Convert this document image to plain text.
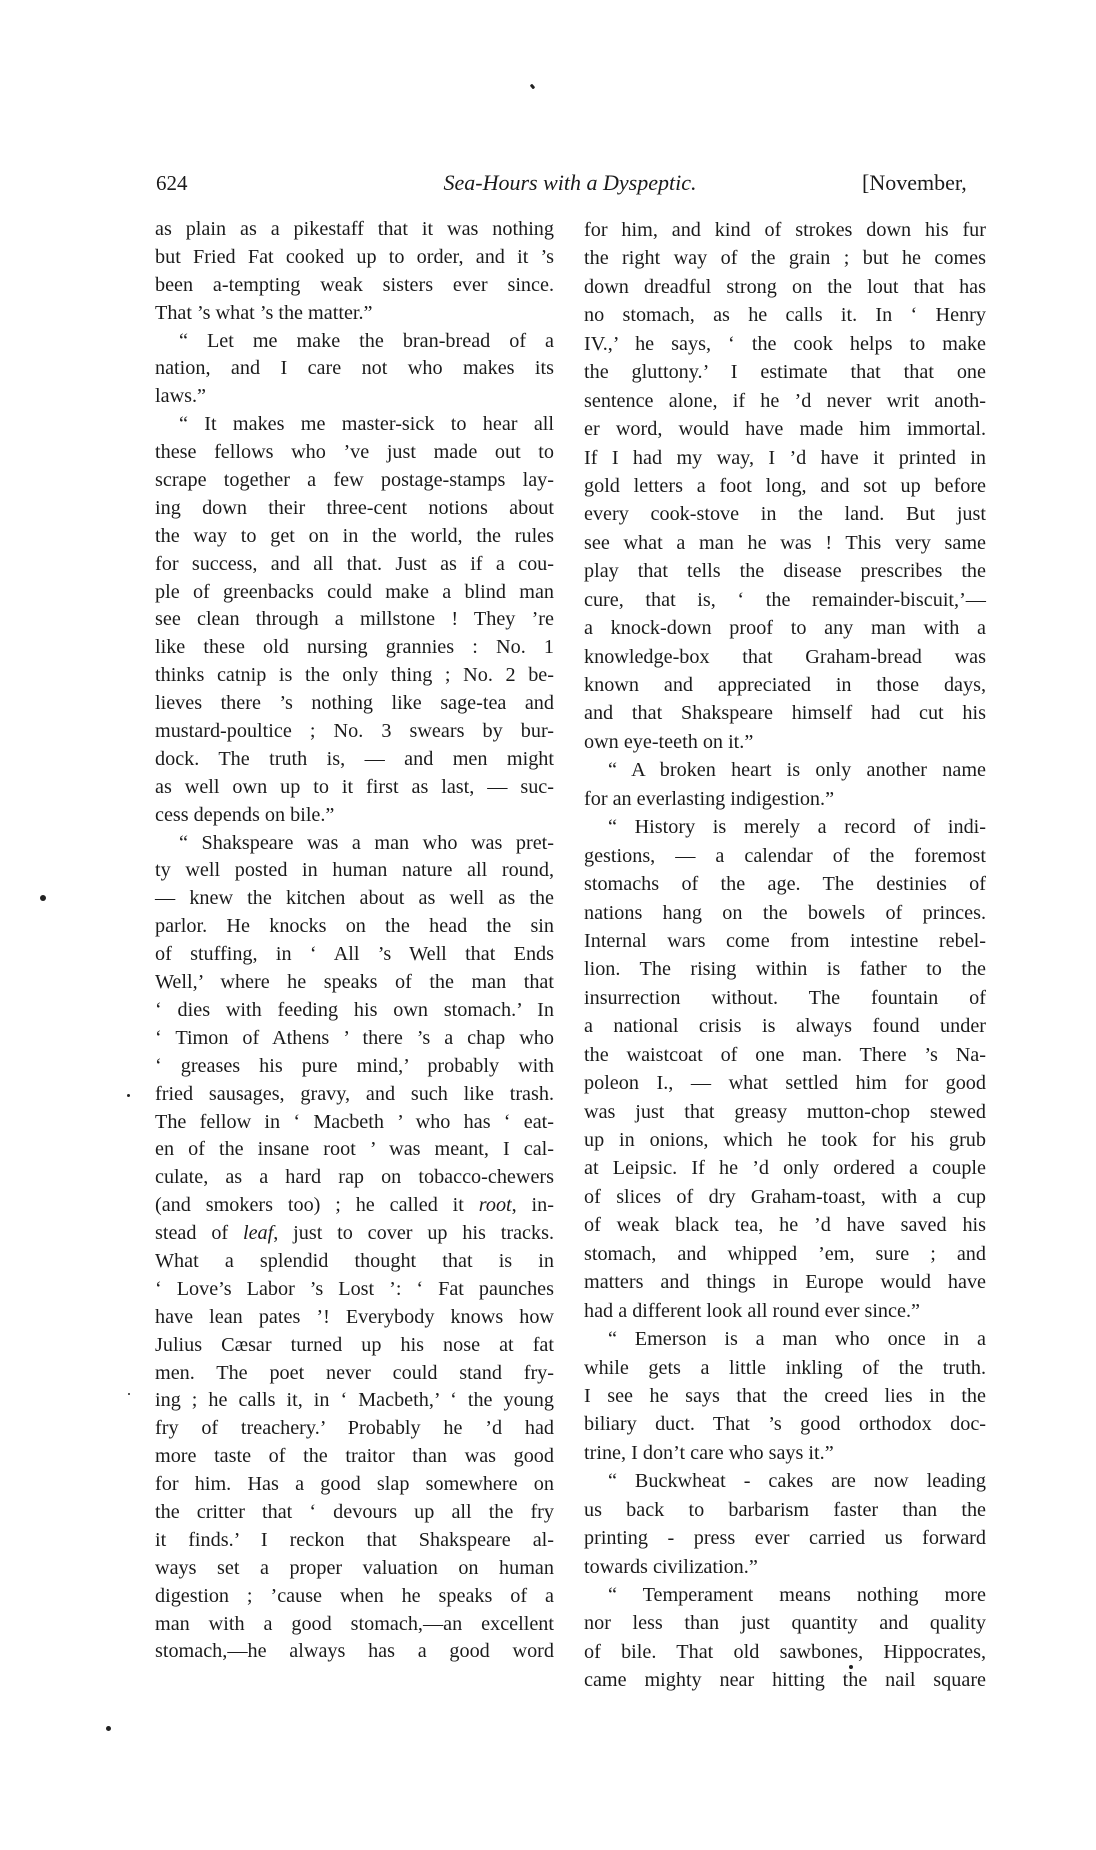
624	Sea-Hours with a Dyspeptic.	[November,
as plain as a pikestaff that it was nothing
but Fried Fat cooked up to order, and it ’s
been a-tempting weak sisters ever since.
That ’s what ’s the matter.”
“ Let me make the bran-bread of a
nation, and I care not who makes its
laws.”
“ It makes me master-sick to hear all
these fellows who ’ve just made out to
scrape together a few postage-stamps lay-
ing down their three-cent notions about
the way to get on in the world, the rules
for success, and all that. Just as if a cou-
ple of greenbacks could make a blind man
see clean through a millstone ! They ’re
like these old nursing grannies : No. 1
thinks catnip is the only thing ; No. 2 be-
lieves there ’s nothing like sage-tea and
mustard-poultice ; No. 3 swears by bur-
dock. The truth is, — and men might
as well own up to it first as last, — suc-
cess depends on bile.”
“ Shakspeare was a man who was pret-
ty well posted in human nature all round,
— knew the kitchen about as well as the
parlor. He knocks on the head the sin
of stuffing, in ‘ All ’s Well that Ends
Well,’ where he speaks of the man that
‘ dies with feeding his own stomach.’ In
‘ Timon of Athens ’ there ’s a chap who
‘ greases his pure mind,’ probably with
fried sausages, gravy, and such like trash.
The fellow in ‘ Macbeth ’ who has ‘ eat-
en of the insane root ’ was meant, I cal-
culate, as a hard rap on tobacco-chewers
(and smokers too) ; he called it root, in-
stead of leaf, just to cover up his tracks.
What a splendid thought that is in
‘ Love’s Labor ’s Lost ’: ‘ Fat paunches
have lean pates ’! Everybody knows how
Julius Cæsar turned up his nose at fat
men. The poet never could stand fry-
ing ; he calls it, in ‘ Macbeth,’ ‘ the young
fry of treachery.’ Probably he ’d had
more taste of the traitor than was good
for him. Has a good slap somewhere on
the critter that ‘ devours up all the fry
it finds.’ I reckon that Shakspeare al-
ways set a proper valuation on human
digestion ; ’cause when he speaks of a
man with a good stomach,—an excellent
stomach,—he always has a good word
for him, and kind of strokes down his fur
the right way of the grain ; but he comes
down dreadful strong on the lout that has
no stomach, as he calls it. In ‘ Henry
IV.,’ he says, ‘ the cook helps to make
the gluttony.’ I estimate that that one
sentence alone, if he ’d never writ anoth-
er word, would have made him immortal.
If I had my way, I ’d have it printed in
gold letters a foot long, and sot up before
every cook-stove in the land. But just
see what a man he was ! This very same
play that tells the disease prescribes the
cure, that is, ‘ the remainder-biscuit,’—
a knock-down proof to any man with a
knowledge-box that Graham-bread was
known and appreciated in those days,
and that Shakspeare himself had cut his
own eye-teeth on it.”
“ A broken heart is only another name
for an everlasting indigestion.”
“ History is merely a record of indi-
gestions, — a calendar of the foremost
stomachs of the age. The destinies of
nations hang on the bowels of princes.
Internal wars come from intestine rebel-
lion. The rising within is father to the
insurrection without. The fountain of
a national crisis is always found under
the waistcoat of one man. There ’s Na-
poleon I., — what settled him for good
was just that greasy mutton-chop stewed
up in onions, which he took for his grub
at Leipsic. If he ’d only ordered a couple
of slices of dry Graham-toast, with a cup
of weak black tea, he ’d have saved his
stomach, and whipped ’em, sure ; and
matters and things in Europe would have
had a different look all round ever since.”
“ Emerson is a man who once in a
while gets a little inkling of the truth.
I see he says that the creed lies in the
biliary duct. That ’s good orthodox doc-
trine, I don’t care who says it.”
“ Buckwheat - cakes are now leading
us back to barbarism faster than the
printing - press ever carried us forward
towards civilization.”
“ Temperament means nothing more
nor less than just quantity and quality
of bile. That old sawbones, Hippocrates,
came mighty near hitting the nail square
